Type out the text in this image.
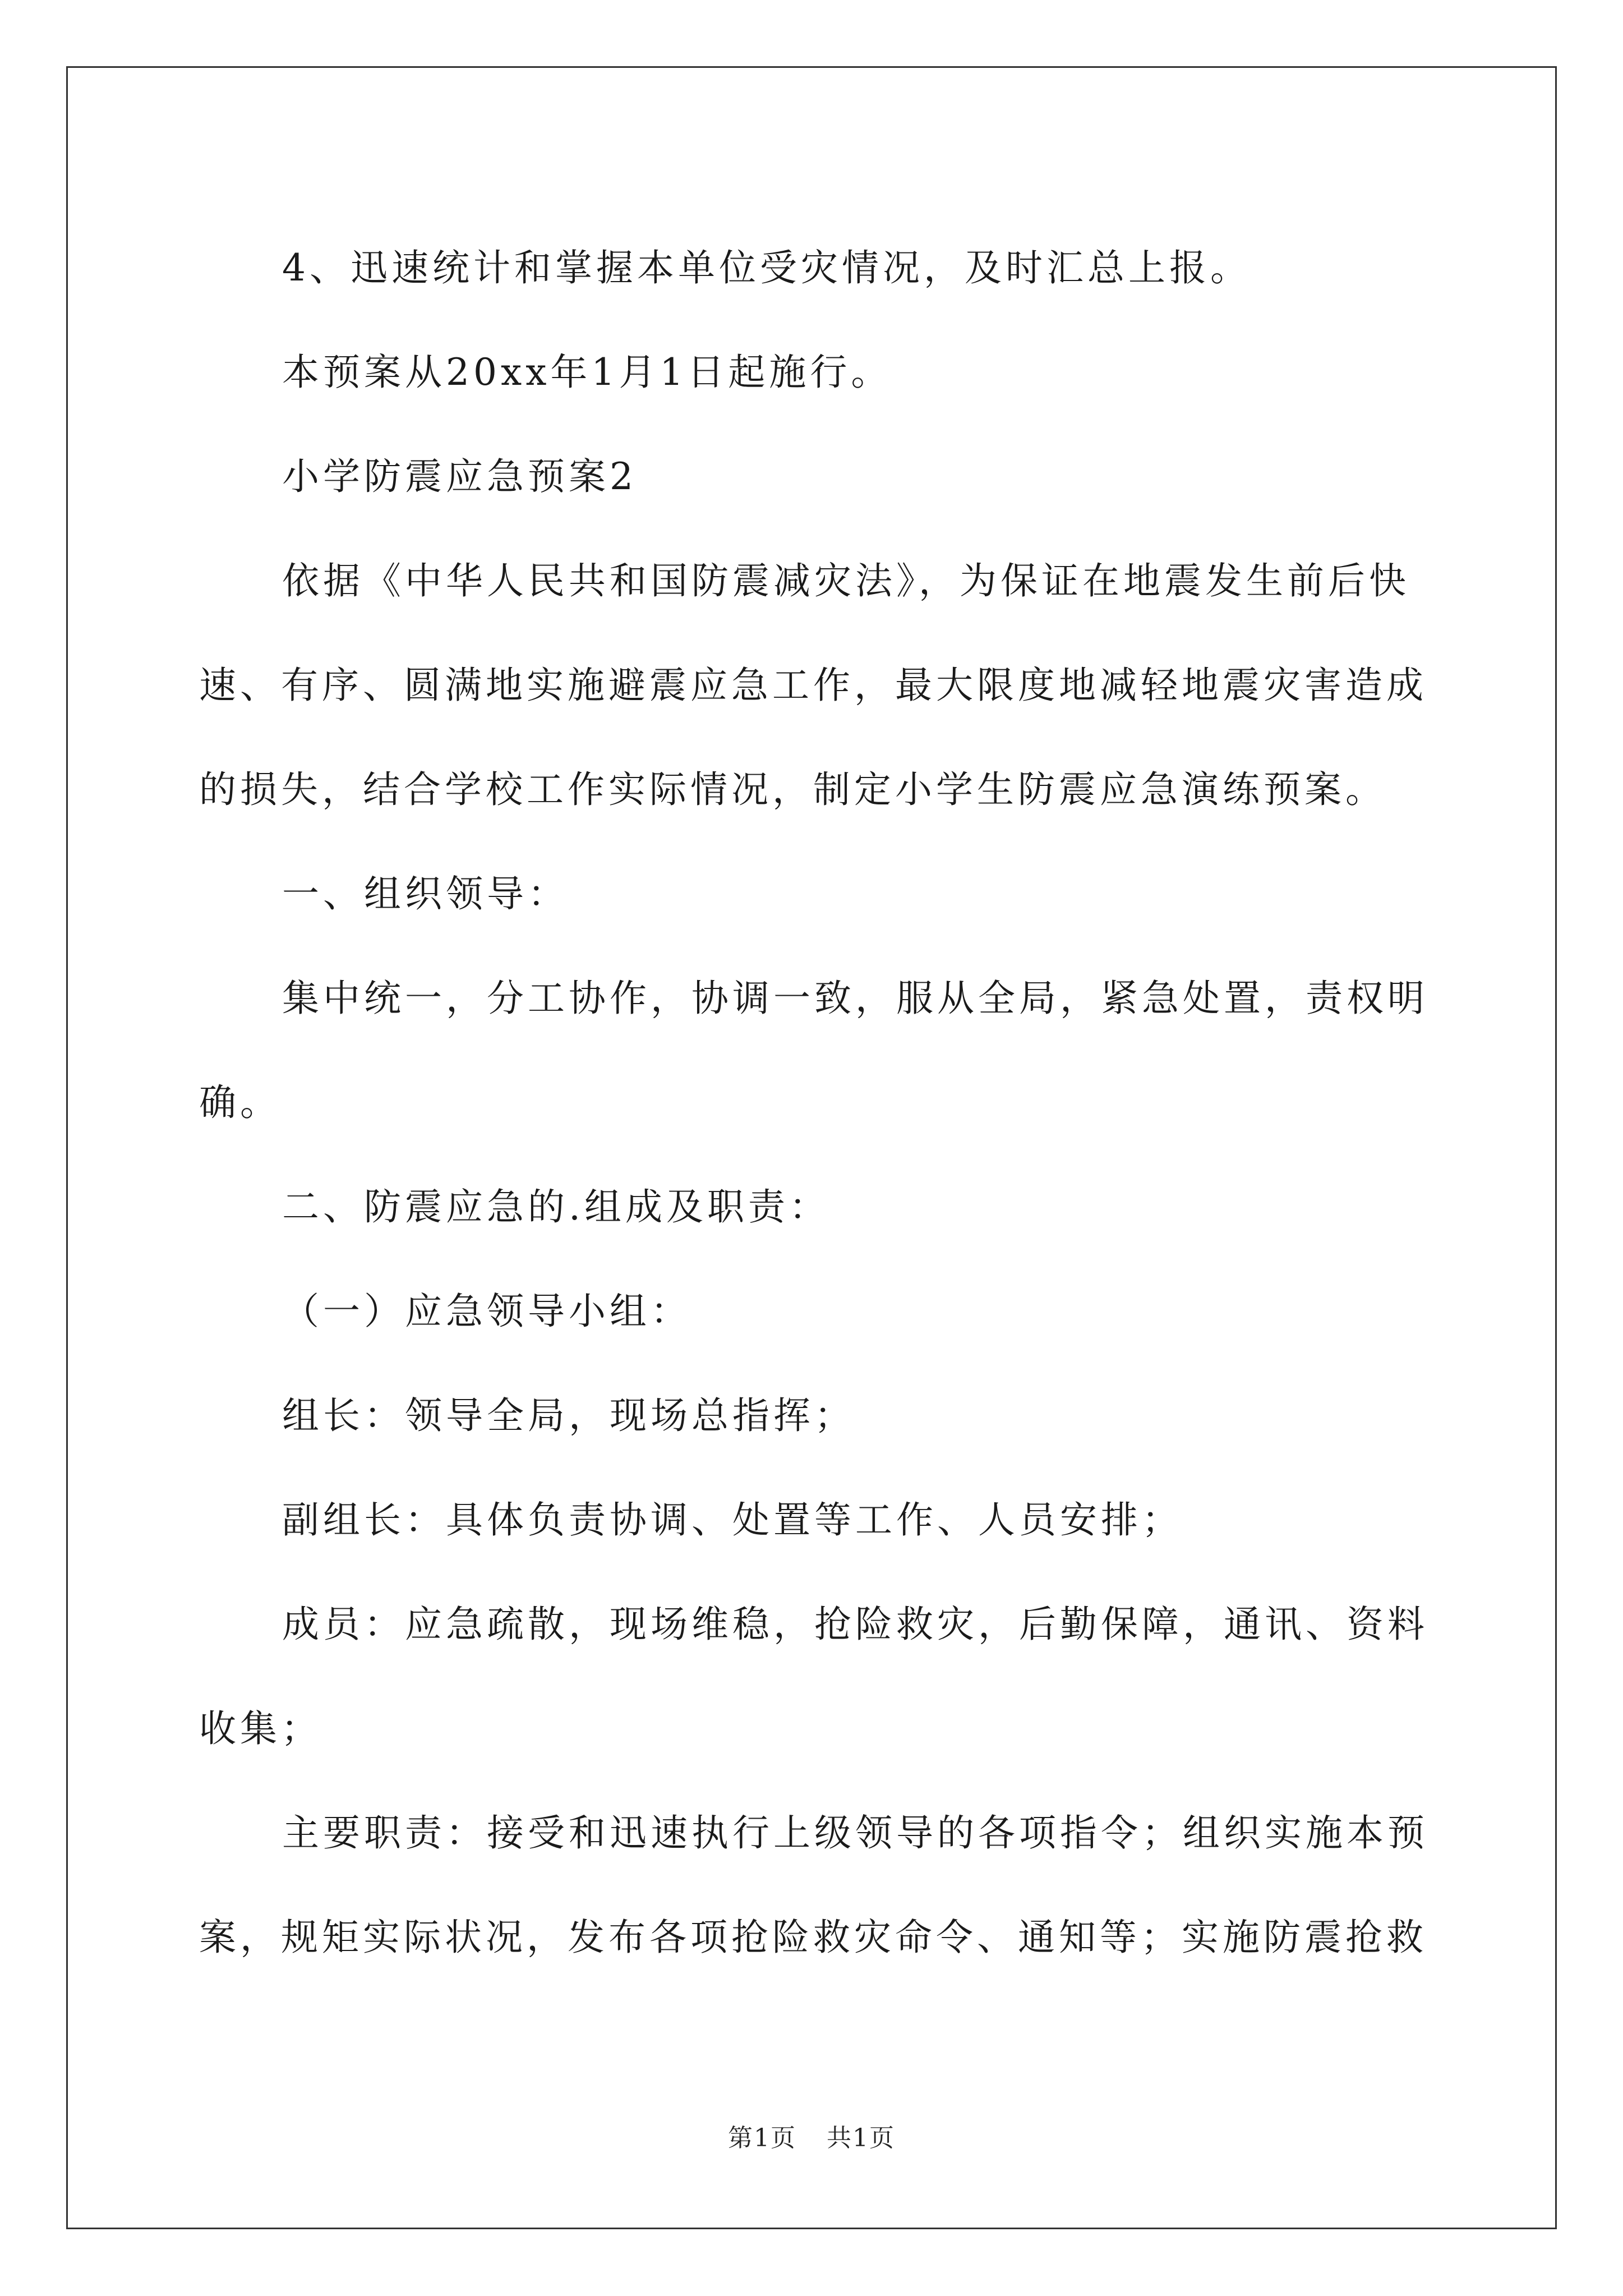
4、迅速统计和掌握本单位受灾情况，及时汇总上报。

本预案从20xx年1月1日起施行。

小学防震应急预案2

依据《中华人民共和国防震减灾法》，为保证在地震发生前后快速、有序、圆满地实施避震应急工作，最大限度地减轻地震灾害造成的损失，结合学校工作实际情况，制定小学生防震应急演练预案。

一、组织领导：

集中统一，分工协作，协调一致，服从全局，紧急处置，责权明确。

二、防震应急的.组成及职责：

（一）应急领导小组：

组长：领导全局，现场总指挥；

副组长：具体负责协调、处置等工作、人员安排；

成员：应急疏散，现场维稳，抢险救灾，后勤保障，通讯、资料收集；

主要职责：接受和迅速执行上级领导的各项指令；组织实施本预案，规矩实际状况，发布各项抢险救灾命令、通知等；实施防震抢救

第1页 共1页
